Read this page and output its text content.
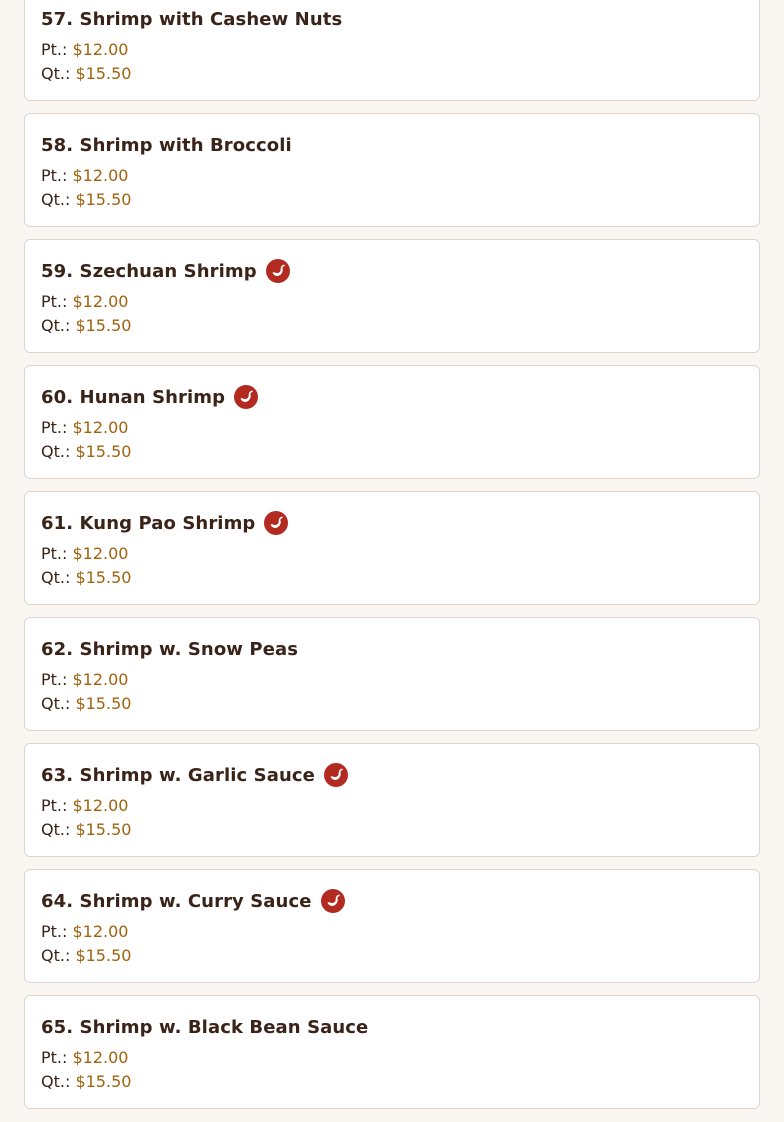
57. Shrimp with Cashew Nuts
Pt.: $12.00
Qt.: $15.50
58. Shrimp with Broccoli
Pt.: $12.00
Qt.: $15.50
59. Szechuan Shrimp
Pt.: $12.00
Qt.: $15.50
60. Hunan Shrimp
Pt.: $12.00
Qt.: $15.50
61. Kung Pao Shrimp
Pt.: $12.00
Qt.: $15.50
62. Shrimp w. Snow Peas
Pt.: $12.00
Qt.: $15.50
63. Shrimp w. Garlic Sauce
Pt.: $12.00
Qt.: $15.50
64. Shrimp w. Curry Sauce
Pt.: $12.00
Qt.: $15.50
65. Shrimp w. Black Bean Sauce
Pt.: $12.00
Qt.: $15.50
